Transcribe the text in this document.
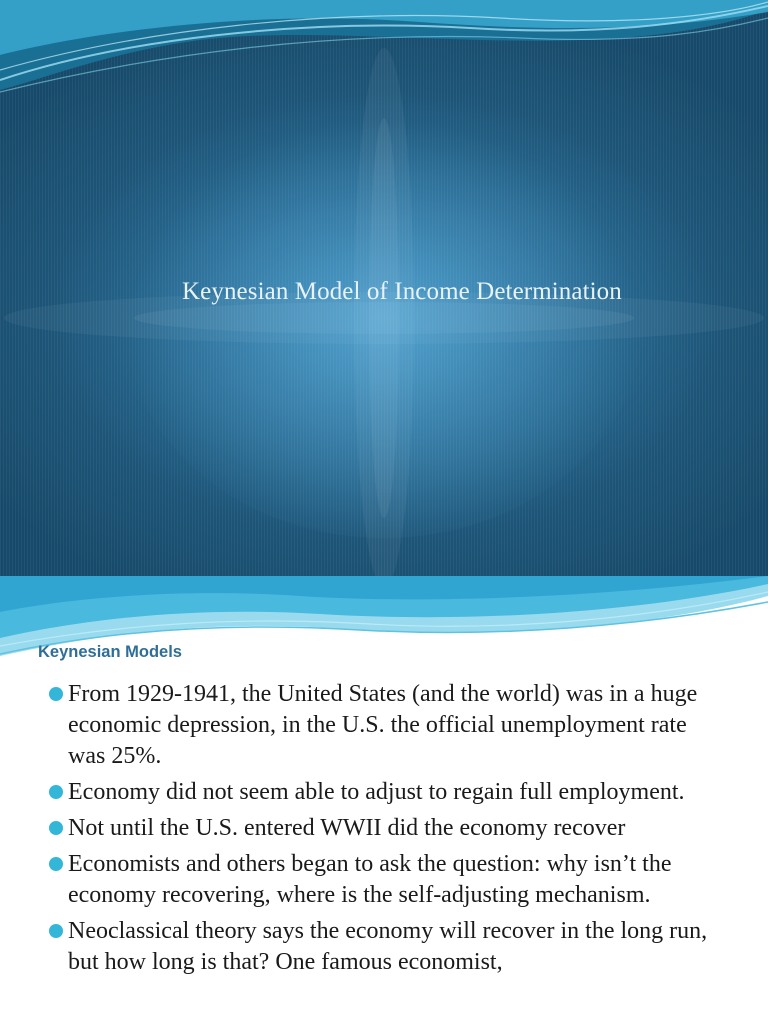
Keynesian Model of Income Determination
Keynesian Models
From 1929-1941, the United States (and the world) was in a huge economic depression, in the U.S. the official unemployment rate was 25%.
Economy did not seem able to adjust to regain full employment.
Not until the U.S. entered WWII did the economy recover
Economists and others began to ask the question: why isn’t the economy recovering, where is the self-adjusting mechanism.
Neoclassical theory says the economy will recover in the long run, but how long is that? One famous economist,
